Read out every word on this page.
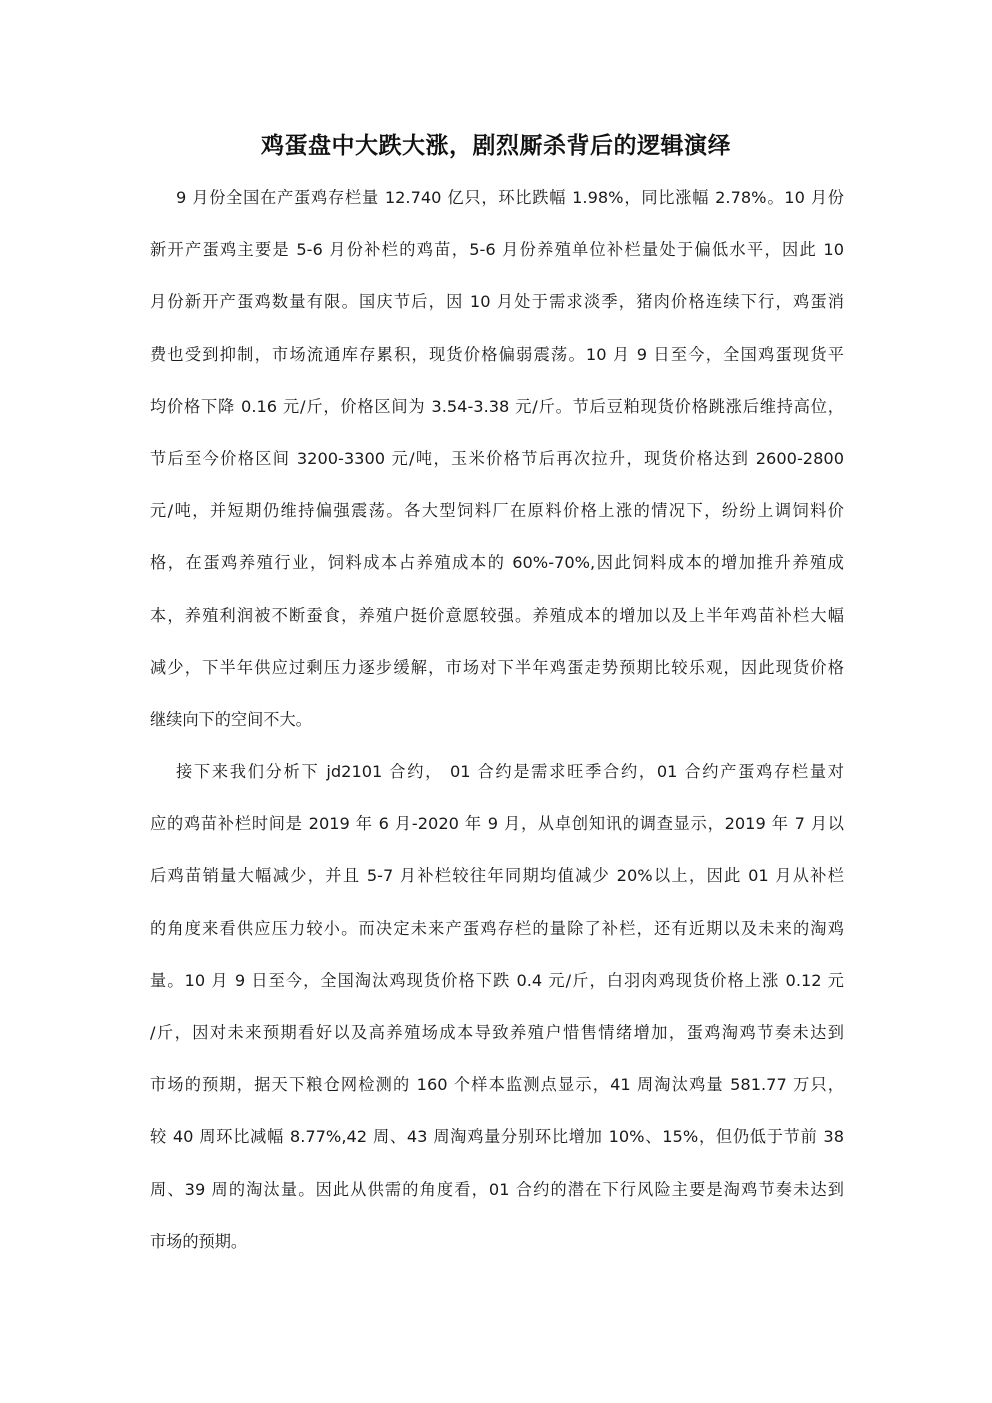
鸡蛋盘中大跌大涨，剧烈厮杀背后的逻辑演绎
9 月份全国在产蛋鸡存栏量 12.740 亿只，环比跌幅 1.98%，同比涨幅 2.78%。10 月份
新开产蛋鸡主要是 5-6 月份补栏的鸡苗，5-6 月份养殖单位补栏量处于偏低水平，因此 10
月份新开产蛋鸡数量有限。国庆节后，因 10 月处于需求淡季，猪肉价格连续下行，鸡蛋消
费也受到抑制，市场流通库存累积，现货价格偏弱震荡。10 月 9 日至今，全国鸡蛋现货平
均价格下降 0.16 元/斤，价格区间为 3.54-3.38 元/斤。节后豆粕现货价格跳涨后维持高位，
节后至今价格区间 3200-3300 元/吨，玉米价格节后再次拉升，现货价格达到 2600-2800
元/吨，并短期仍维持偏强震荡。各大型饲料厂在原料价格上涨的情况下，纷纷上调饲料价
格，在蛋鸡养殖行业，饲料成本占养殖成本的 60%-70%,因此饲料成本的增加推升养殖成
本，养殖利润被不断蚕食，养殖户挺价意愿较强。养殖成本的增加以及上半年鸡苗补栏大幅
减少，下半年供应过剩压力逐步缓解，市场对下半年鸡蛋走势预期比较乐观，因此现货价格
继续向下的空间不大。
接下来我们分析下 jd2101 合约， 01 合约是需求旺季合约，01 合约产蛋鸡存栏量对
应的鸡苗补栏时间是 2019 年 6 月-2020 年 9 月，从卓创知讯的调查显示，2019 年 7 月以
后鸡苗销量大幅减少，并且 5-7 月补栏较往年同期均值减少 20%以上，因此 01 月从补栏
的角度来看供应压力较小。而决定未来产蛋鸡存栏的量除了补栏，还有近期以及未来的淘鸡
量。10 月 9 日至今，全国淘汰鸡现货价格下跌 0.4 元/斤，白羽肉鸡现货价格上涨 0.12 元
/斤，因对未来预期看好以及高养殖场成本导致养殖户惜售情绪增加，蛋鸡淘鸡节奏未达到
市场的预期，据天下粮仓网检测的 160 个样本监测点显示，41 周淘汰鸡量 581.77 万只，
较 40 周环比减幅 8.77%,42 周、43 周淘鸡量分别环比增加 10%、15%，但仍低于节前 38
周、39 周的淘汰量。因此从供需的角度看，01 合约的潜在下行风险主要是淘鸡节奏未达到
市场的预期。
